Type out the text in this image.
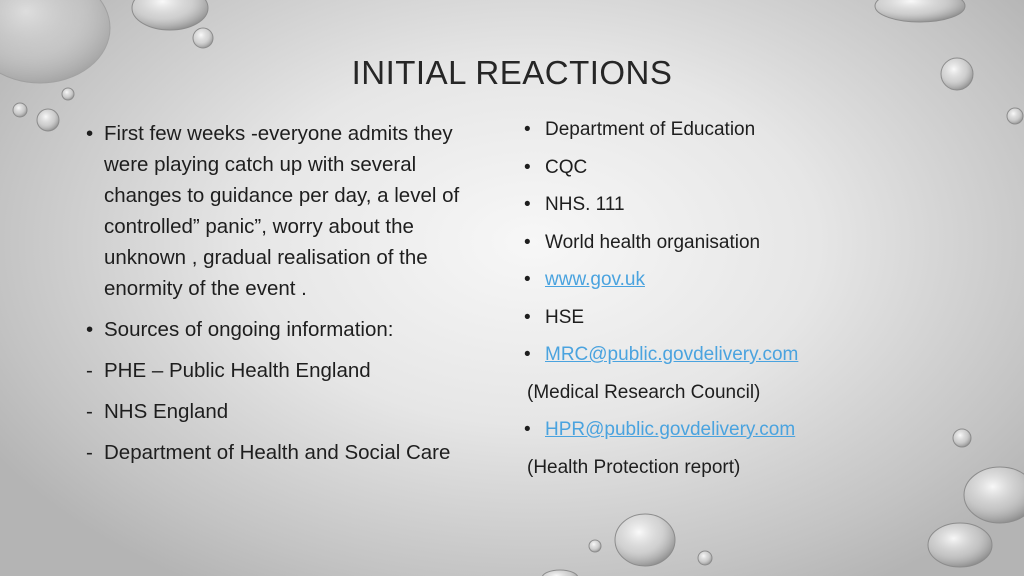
INITIAL REACTIONS
• First few weeks -everyone admits they were playing catch up with several changes to guidance per day, a level of controlled” panic”, worry about the unknown , gradual realisation of the enormity of the event .
• Sources of ongoing information:
- PHE – Public Health England
- NHS England
- Department of Health and Social Care
• Department of Education
• CQC
• NHS. 111
• World health organisation
• www.gov.uk
• HSE
• MRC@public.govdelivery.com
(Medical Research Council)
• HPR@public.govdelivery.com
(Health Protection report)
